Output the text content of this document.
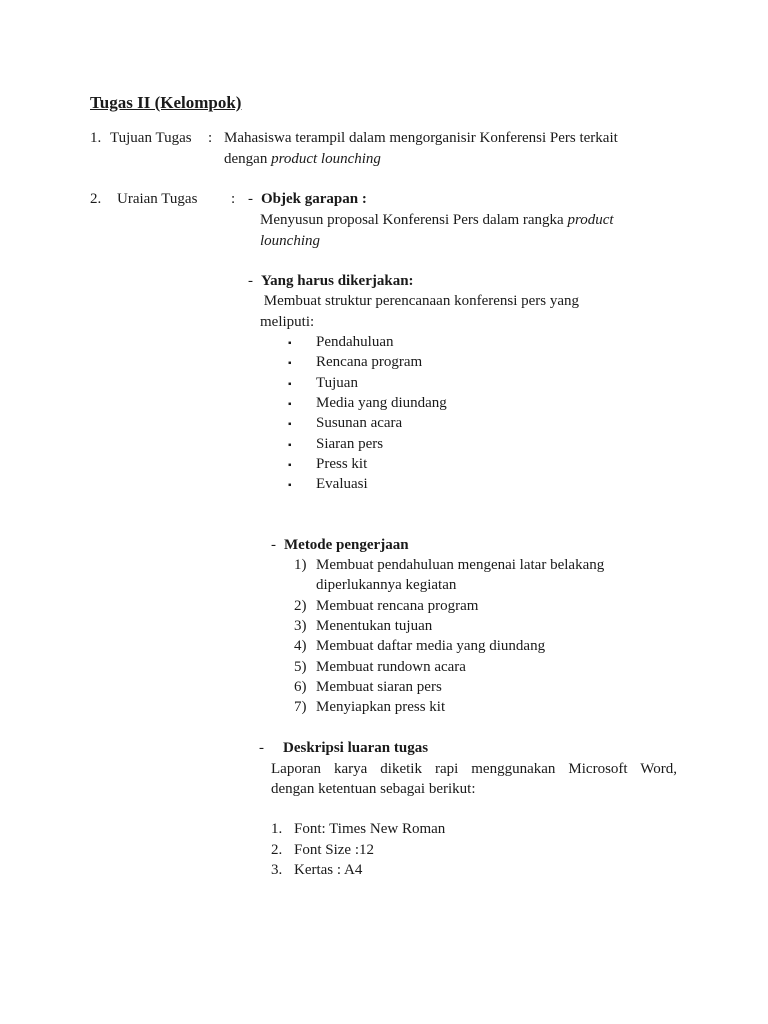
Tugas II (Kelompok)
1. Tujuan Tugas : Mahasiswa terampil dalam mengorganisir Konferensi Pers terkait
dengan product lounching
2. Uraian Tugas : - Objek garapan :
Menyusun proposal Konferensi Pers dalam rangka product
lounching
- Yang harus dikerjakan:
Membuat struktur perencanaan konferensi pers yang
meliputi:
▪ Pendahuluan
▪ Rencana program
▪ Tujuan
▪ Media yang diundang
▪ Susunan acara
▪ Siaran pers
▪ Press kit
▪ Evaluasi
- Metode pengerjaan
1) Membuat pendahuluan mengenai latar belakang
diperlukannya kegiatan
2) Membuat rencana program
3) Menentukan tujuan
4) Membuat daftar media yang diundang
5) Membuat rundown acara
6) Membuat siaran pers
7) Menyiapkan press kit
- Deskripsi luaran tugas
Laporan karya diketik rapi menggunakan Microsoft Word,
dengan ketentuan sebagai berikut:
1. Font: Times New Roman
2. Font Size :12
3. Kertas : A4
